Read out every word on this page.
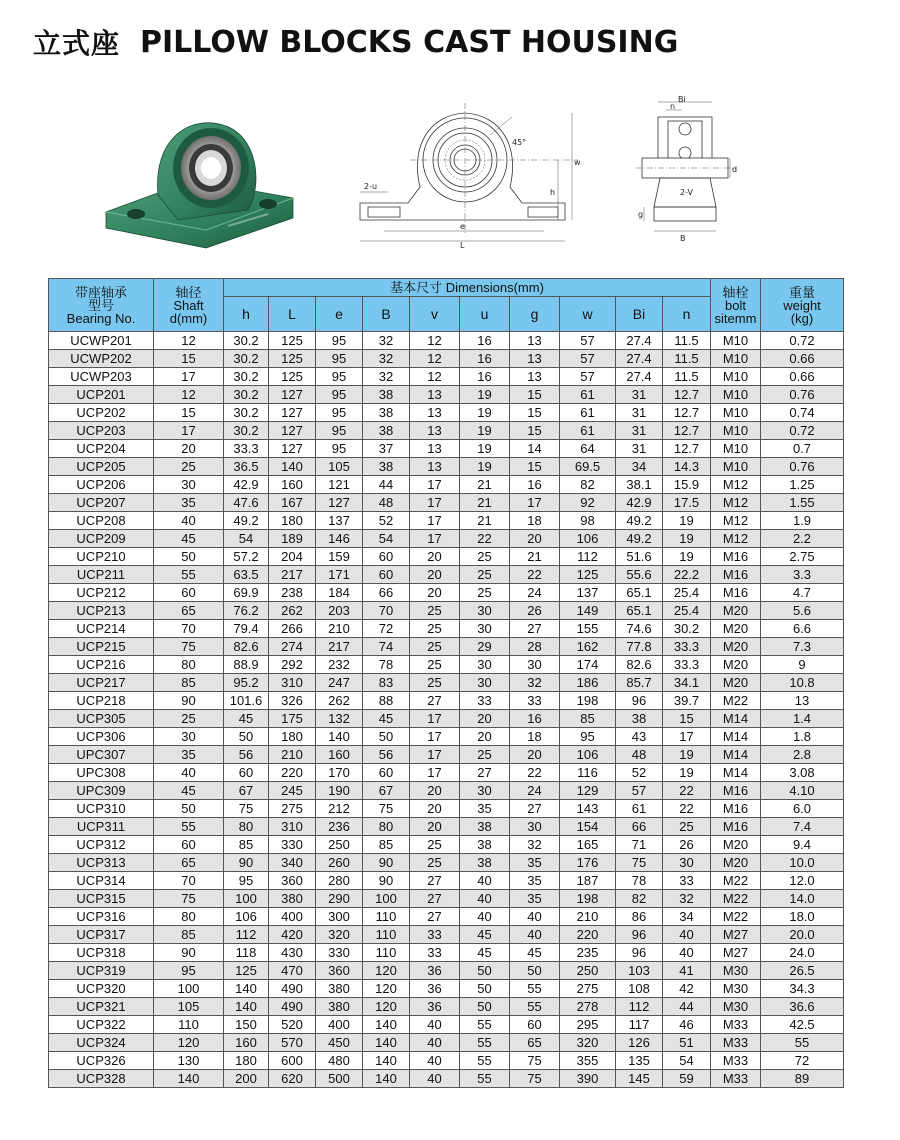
立式座 PILLOW BLOCKS CAST HOUSING
45°
w
h
2-u
e
L
Bi
n
d
2-V
g
B
带座轴承
型号
Bearing No.	轴径
Shaft
d(mm)	基本尺寸 Dimensions(mm)										轴栓
bolt
sitemm	重量
weight
(kg)
		h	L	e	B	v	u	g	w	Bi	n		
UCWP201	12	30.2	125	95	32	12	16	13	57	27.4	11.5	M10	0.72
UCWP202	15	30.2	125	95	32	12	16	13	57	27.4	11.5	M10	0.66
UCWP203	17	30.2	125	95	32	12	16	13	57	27.4	11.5	M10	0.66
UCP201	12	30.2	127	95	38	13	19	15	61	31	12.7	M10	0.76
UCP202	15	30.2	127	95	38	13	19	15	61	31	12.7	M10	0.74
UCP203	17	30.2	127	95	38	13	19	15	61	31	12.7	M10	0.72
UCP204	20	33.3	127	95	37	13	19	14	64	31	12.7	M10	0.7
UCP205	25	36.5	140	105	38	13	19	15	69.5	34	14.3	M10	0.76
UCP206	30	42.9	160	121	44	17	21	16	82	38.1	15.9	M12	1.25
UCP207	35	47.6	167	127	48	17	21	17	92	42.9	17.5	M12	1.55
UCP208	40	49.2	180	137	52	17	21	18	98	49.2	19	M12	1.9
UCP209	45	54	189	146	54	17	22	20	106	49.2	19	M12	2.2
UCP210	50	57.2	204	159	60	20	25	21	112	51.6	19	M16	2.75
UCP211	55	63.5	217	171	60	20	25	22	125	55.6	22.2	M16	3.3
UCP212	60	69.9	238	184	66	20	25	24	137	65.1	25.4	M16	4.7
UCP213	65	76.2	262	203	70	25	30	26	149	65.1	25.4	M20	5.6
UCP214	70	79.4	266	210	72	25	30	27	155	74.6	30.2	M20	6.6
UCP215	75	82.6	274	217	74	25	29	28	162	77.8	33.3	M20	7.3
UCP216	80	88.9	292	232	78	25	30	30	174	82.6	33.3	M20	9
UCP217	85	95.2	310	247	83	25	30	32	186	85.7	34.1	M20	10.8
UCP218	90	101.6	326	262	88	27	33	33	198	96	39.7	M22	13
UCP305	25	45	175	132	45	17	20	16	85	38	15	M14	1.4
UCP306	30	50	180	140	50	17	20	18	95	43	17	M14	1.8
UPC307	35	56	210	160	56	17	25	20	106	48	19	M14	2.8
UPC308	40	60	220	170	60	17	27	22	116	52	19	M14	3.08
UPC309	45	67	245	190	67	20	30	24	129	57	22	M16	4.10
UCP310	50	75	275	212	75	20	35	27	143	61	22	M16	6.0
UCP311	55	80	310	236	80	20	38	30	154	66	25	M16	7.4
UCP312	60	85	330	250	85	25	38	32	165	71	26	M20	9.4
UCP313	65	90	340	260	90	25	38	35	176	75	30	M20	10.0
UCP314	70	95	360	280	90	27	40	35	187	78	33	M22	12.0
UCP315	75	100	380	290	100	27	40	35	198	82	32	M22	14.0
UCP316	80	106	400	300	110	27	40	40	210	86	34	M22	18.0
UCP317	85	112	420	320	110	33	45	40	220	96	40	M27	20.0
UCP318	90	118	430	330	110	33	45	45	235	96	40	M27	24.0
UCP319	95	125	470	360	120	36	50	50	250	103	41	M30	26.5
UCP320	100	140	490	380	120	36	50	55	275	108	42	M30	34.3
UCP321	105	140	490	380	120	36	50	55	278	112	44	M30	36.6
UCP322	110	150	520	400	140	40	55	60	295	117	46	M33	42.5
UCP324	120	160	570	450	140	40	55	65	320	126	51	M33	55
UCP326	130	180	600	480	140	40	55	75	355	135	54	M33	72
UCP328	140	200	620	500	140	40	55	75	390	145	59	M33	89
